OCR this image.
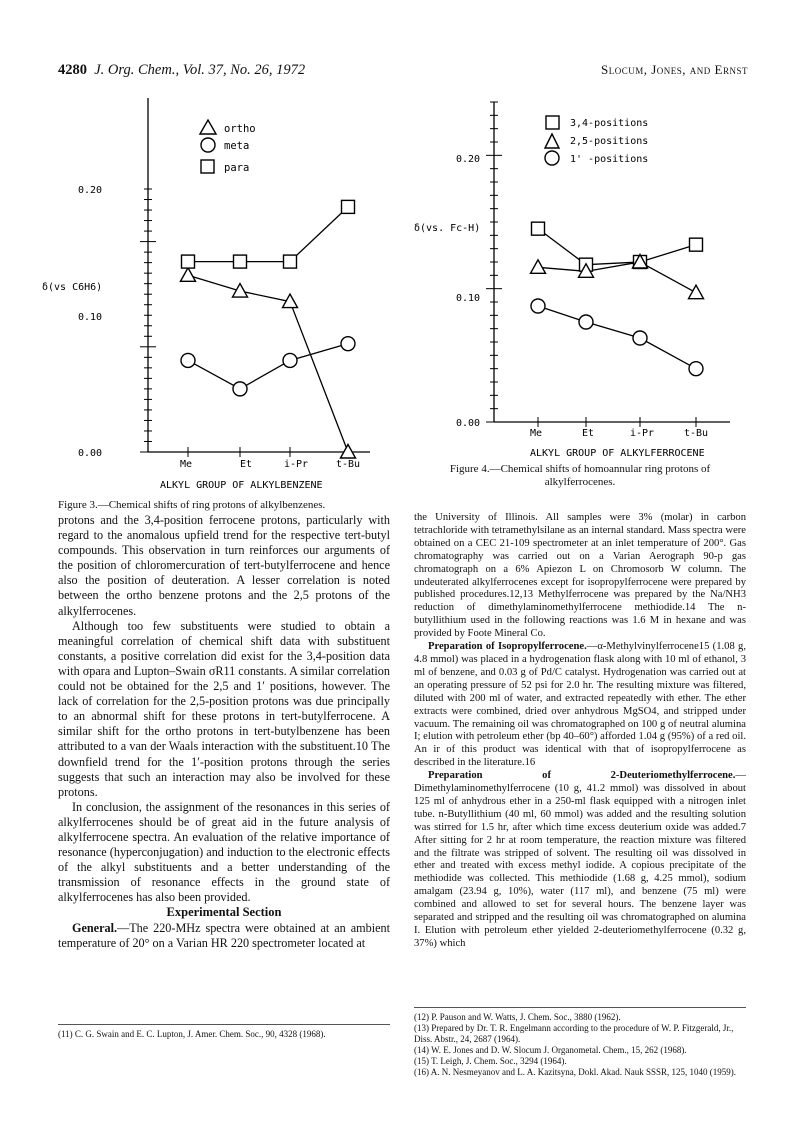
4280 J. Org. Chem., Vol. 37, No. 26, 1972	Slocum, Jones, and Ernst
0.20
0.10
0.00
δ(vs C6H6)
Me	Et	i-Pr	t-Bu
ALKYL GROUP OF ALKYLBENZENE
ortho
meta
para
Figure 3.—Chemical shifts of ring protons of alkylbenzenes.
0.20
0.10
0.00
δ(vs. Fc-H)
Me	Et	i-Pr	t-Bu
ALKYL GROUP OF ALKYLFERROCENE
3,4-positions
2,5-positions
1' -positions
Figure 4.—Chemical shifts of homoannular ring protons of alkylferrocenes.

protons and the 3,4-position ferrocene protons, particularly with regard to the anomalous upfield trend for the respective tert-butyl compounds. This observation in turn reinforces our arguments of the position of chloromercuration of tert-butylferrocene and hence also the position of deuteration. A lesser correlation is noted between the ortho benzene protons and the 2,5 protons of the alkylferrocenes.

Although too few substituents were studied to obtain a meaningful correlation of chemical shift data with substituent constants, a positive correlation did exist for the 3,4-position data with σpara and Lupton–Swain σR11 constants. A similar correlation could not be obtained for the 2,5 and 1′ positions, however. The lack of correlation for the 2,5-position protons was due principally to an abnormal shift for these protons in tert-butylferrocene. A similar shift for the ortho protons in tert-butylbenzene has been attributed to a van der Waals interaction with the substituent.10 The downfield trend for the 1′-position protons through the series suggests that such an interaction may also be involved for these protons.

In conclusion, the assignment of the resonances in this series of alkylferrocenes should be of great aid in the future analysis of alkylferrocene spectra. An evaluation of the relative importance of resonance (hyperconjugation) and induction to the electronic effects of the alkyl substituents and a better understanding of the transmission of resonance effects in the ground state of alkylferrocenes has also been provided.

Experimental Section

General.—The 220-MHz spectra were obtained at an ambient temperature of 20° on a Varian HR 220 spectrometer located at

the University of Illinois. All samples were 3% (molar) in carbon tetrachloride with tetramethylsilane as an internal standard. Mass spectra were obtained on a CEC 21-109 spectrometer at an inlet temperature of 200°. Gas chromatography was carried out on a Varian Aerograph 90-p gas chromatograph on a 6% Apiezon L on Chromosorb W column. The undeuterated alkylferrocenes except for isopropylferrocene were prepared by published procedures.12,13 Methylferrocene was prepared by the Na/NH3 reduction of dimethylaminomethylferrocene methiodide.14 The n-butyllithium used in the following reactions was 1.6 M in hexane and was provided by Foote Mineral Co.

Preparation of Isopropylferrocene.—α-Methylvinylferrocene15 (1.08 g, 4.8 mmol) was placed in a hydrogenation flask along with 10 ml of ethanol, 3 ml of benzene, and 0.03 g of Pd/C catalyst. Hydrogenation was carried out at an operating pressure of 52 psi for 2.0 hr. The resulting mixture was filtered, diluted with 200 ml of water, and extracted repeatedly with ether. The ether extracts were combined, dried over anhydrous MgSO4, and stripped under vacuum. The remaining oil was chromatographed on 100 g of neutral alumina I; elution with petroleum ether (bp 40–60°) afforded 1.04 g (95%) of a red oil. An ir of this product was identical with that of isopropylferrocene as described in the literature.16

Preparation of 2-Deuteriomethylferrocene.—Dimethylaminomethylferrocene (10 g, 41.2 mmol) was dissolved in about 125 ml of anhydrous ether in a 250-ml flask equipped with a nitrogen inlet tube. n-Butyllithium (40 ml, 60 mmol) was added and the resulting solution was stirred for 1.5 hr, after which time excess deuterium oxide was added.7 After sitting for 2 hr at room temperature, the reaction mixture was filtered and the filtrate was stripped of solvent. The resulting oil was dissolved in ether and treated with excess methyl iodide. A copious precipitate of the methiodide was collected. This methiodide (1.68 g, 4.25 mmol), sodium amalgam (23.94 g, 10%), water (117 ml), and benzene (75 ml) were combined and allowed to set for several hours. The benzene layer was separated and stripped and the resulting oil was chromatographed on alumina I. Elution with petroleum ether yielded 2-deuteriomethylferrocene (0.32 g, 37%) which

(11) C. G. Swain and E. C. Lupton, J. Amer. Chem. Soc., 90, 4328 (1968).
(12) P. Pauson and W. Watts, J. Chem. Soc., 3880 (1962).
(13) Prepared by Dr. T. R. Engelmann according to the procedure of W. P. Fitzgerald, Jr., Diss. Abstr., 24, 2687 (1964).
(14) W. E. Jones and D. W. Slocum J. Organometal. Chem., 15, 262 (1968).
(15) T. Leigh, J. Chem. Soc., 3294 (1964).
(16) A. N. Nesmeyanov and L. A. Kazitsyna, Dokl. Akad. Nauk SSSR, 125, 1040 (1959).
